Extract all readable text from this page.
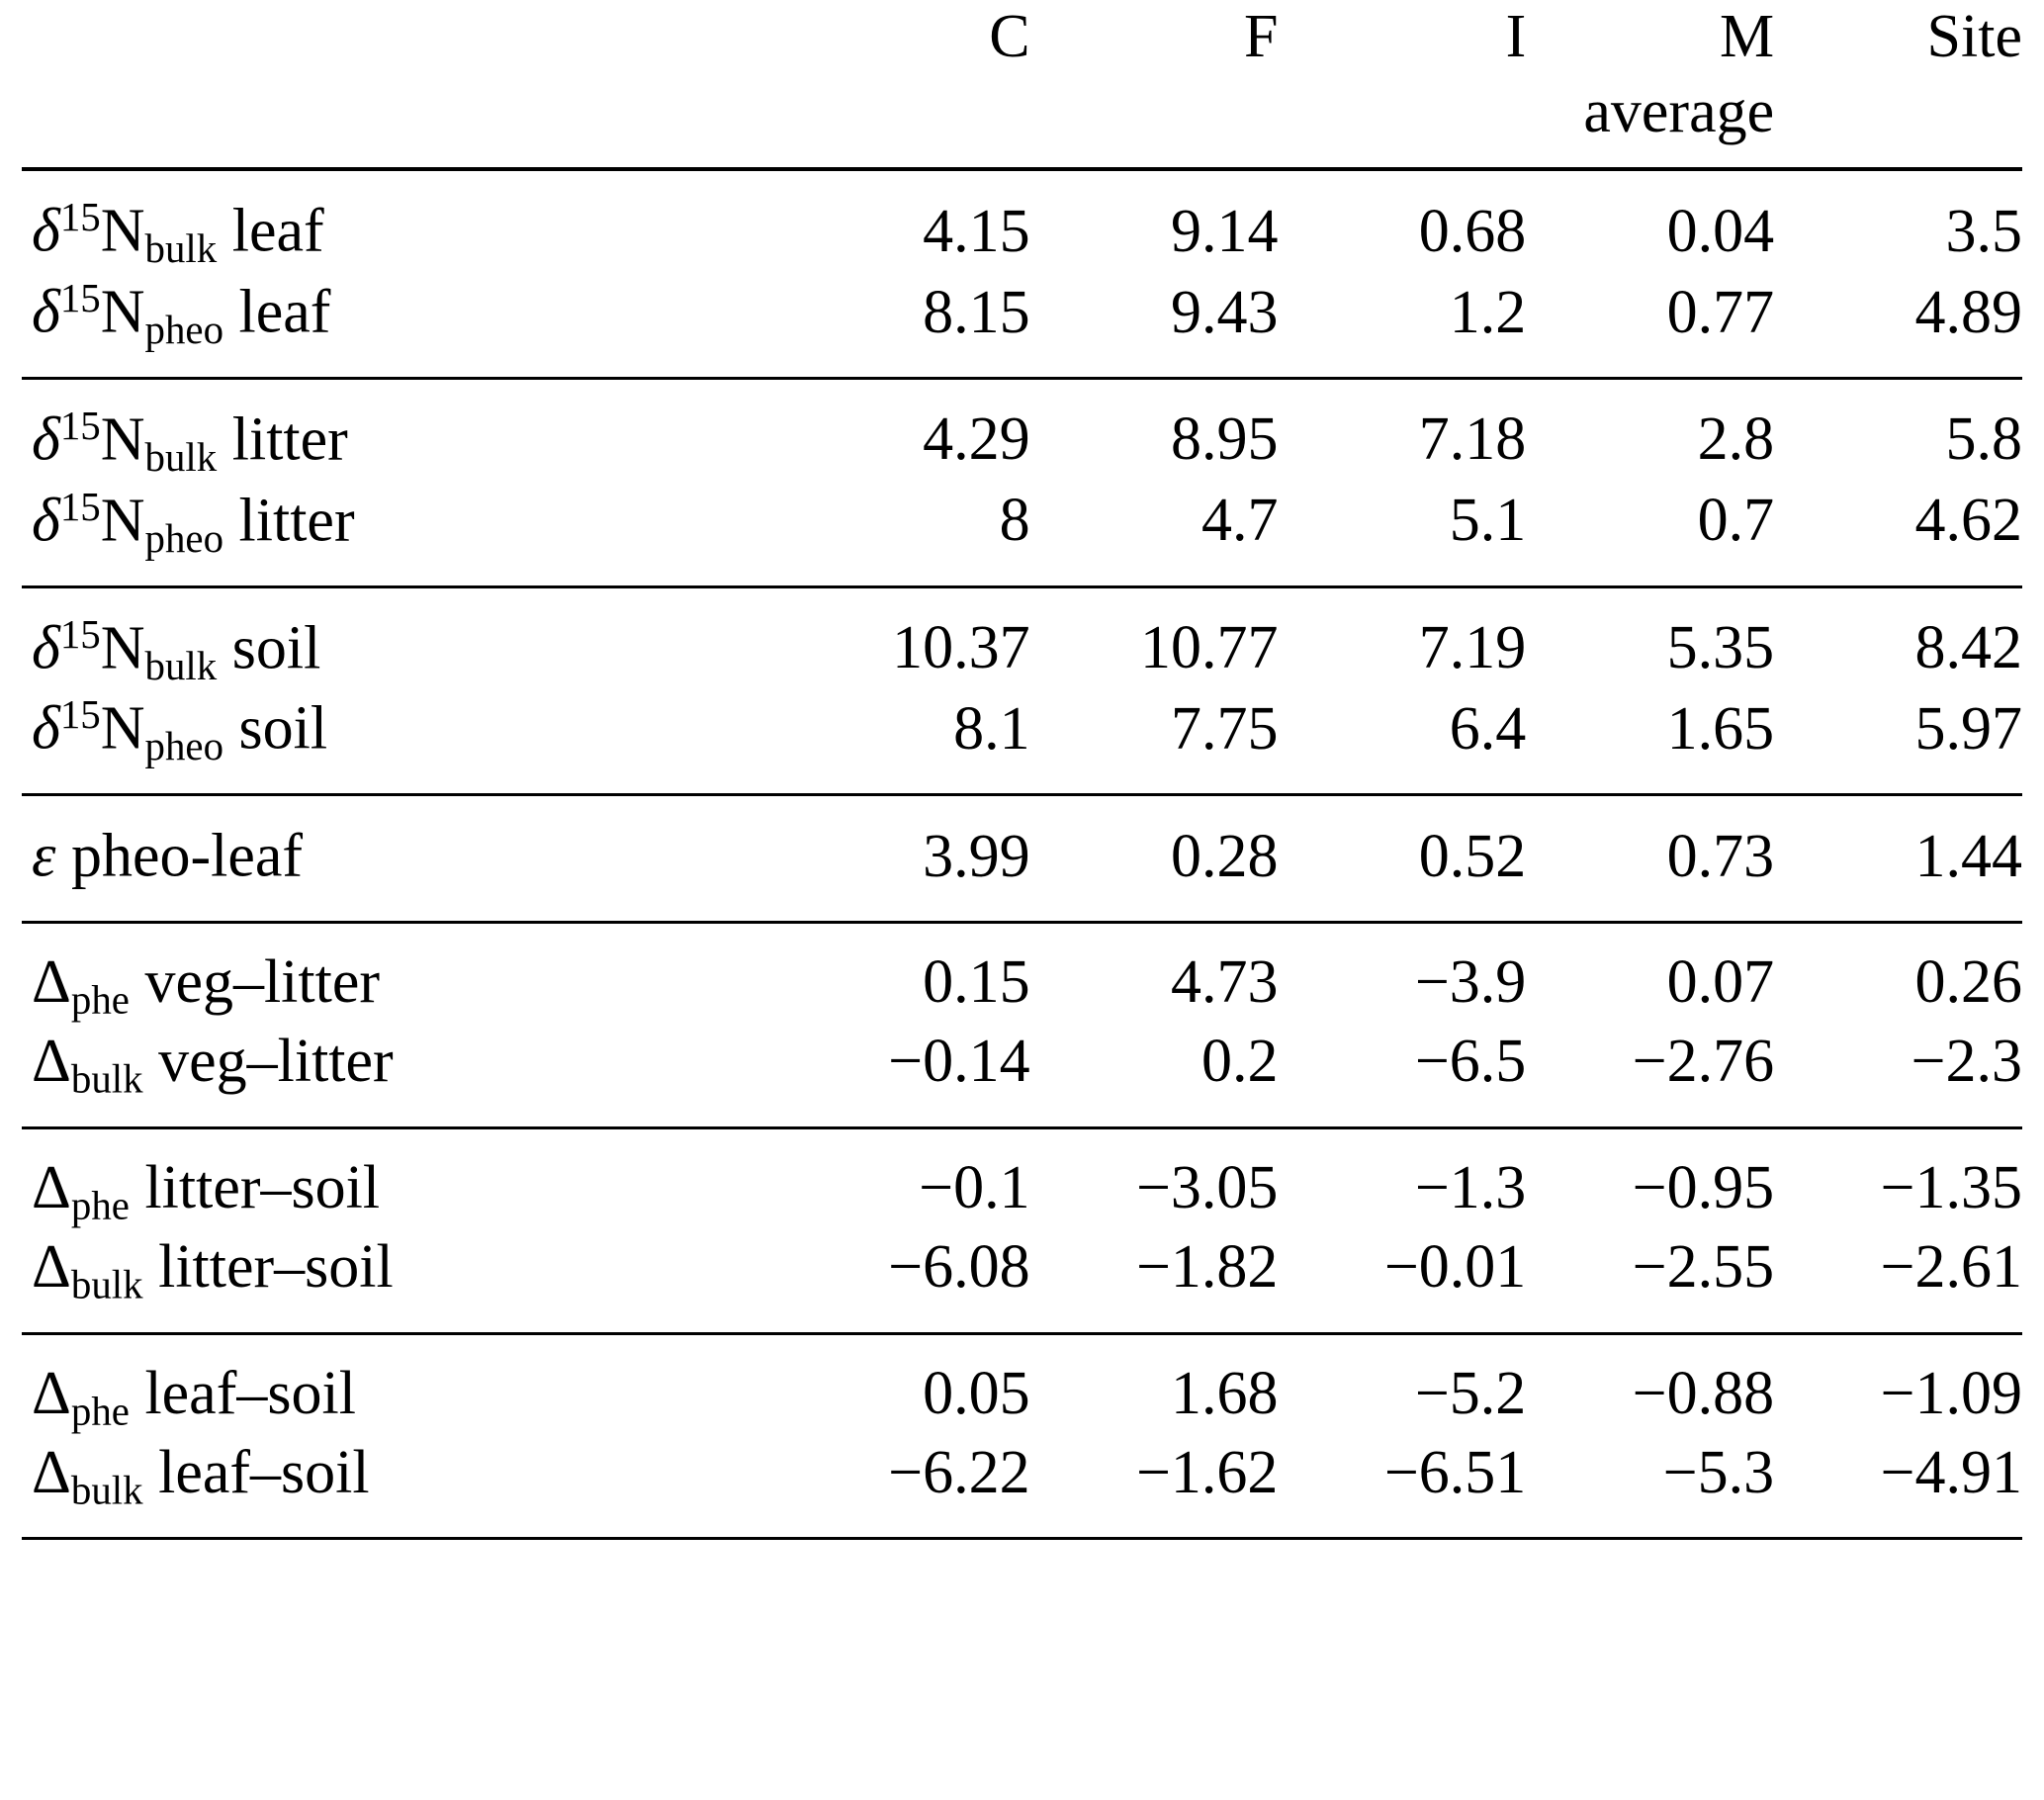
	C	F	I	M	Site
				average	
$\delta^{15}N_{bulk}$ leaf	4.15	9.14	0.68	0.04	3.5
$\delta^{15}N_{pheo}$ leaf	8.15	9.43	1.2	0.77	4.89
$\delta^{15}N_{bulk}$ litter	4.29	8.95	7.18	2.8	5.8
$\delta^{15}N_{pheo}$ litter	8	4.7	5.1	0.7	4.62
$\delta^{15}N_{bulk}$ soil	10.37	10.77	7.19	5.35	8.42
$\delta^{15}N_{pheo}$ soil	8.1	7.75	6.4	1.65	5.97
ε pheo-leaf	3.99	0.28	0.52	0.73	1.44
$\Delta_{phe}$ veg–litter	0.15	4.73	−3.9	0.07	0.26
$\Delta_{bulk}$ veg–litter	−0.14	0.2	−6.5	−2.76	−2.3
$\Delta_{phe}$ litter–soil	−0.1	−3.05	−1.3	−0.95	−1.35
$\Delta_{bulk}$ litter–soil	−6.08	−1.82	−0.01	−2.55	−2.61
$\Delta_{phe}$ leaf–soil	0.05	1.68	−5.2	−0.88	−1.09
$\Delta_{bulk}$ leaf–soil	−6.22	−1.62	−6.51	−5.3	−4.91
